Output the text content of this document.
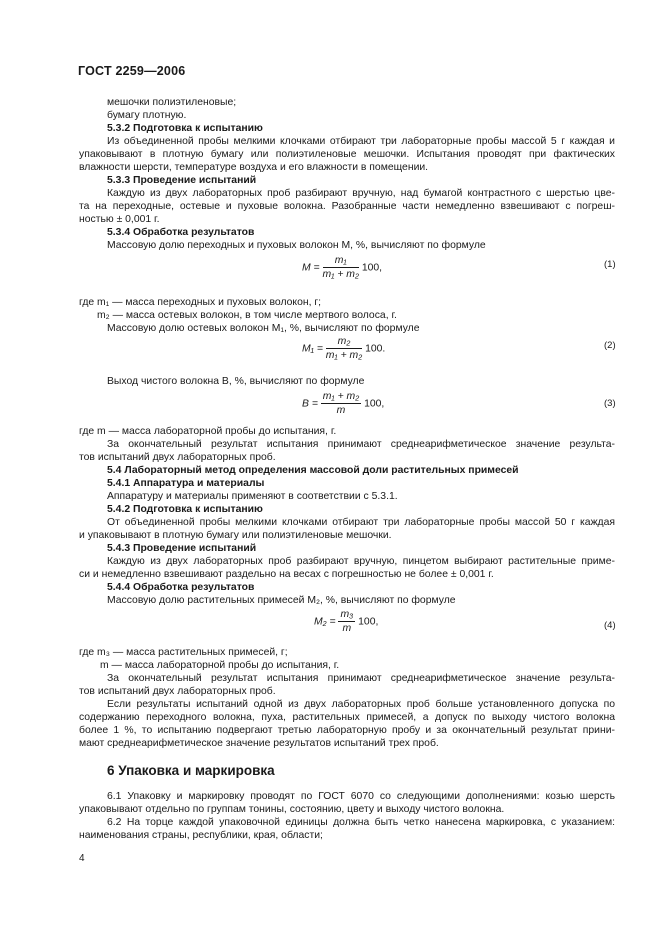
ГОСТ 2259—2006
мешочки полиэтиленовые;
бумагу плотную.
5.3.2 Подготовка к испытанию
Из объединенной пробы мелкими клочками отбирают три лабораторные пробы массой 5 г каждая и
упаковывают в плотную бумагу или полиэтиленовые мешочки. Испытания проводят при фактических
влажности шерсти, температуре воздуха и его влажности в помещении.
5.3.3 Проведение испытаний
Каждую из двух лабораторных проб разбирают вручную, над бумагой контрастного с шерстью цве-
та на переходные, остевые и пуховые волокна. Разобранные части немедленно взвешивают с погреш-
ностью ± 0,001 г.
5.3.4 Обработка результатов
Массовую долю переходных и пуховых волокон М, %, вычисляют по формуле
$M = \frac{\text{m₁}}{\text{m₁ + m₂}} 100$,	(1)
где m₁ — масса переходных и пуховых волокон, г;
m₂ — масса остевых волокон, в том числе мертвого волоса, г.
Массовую долю остевых волокон М₁, %, вычисляют по формуле
$M_1 = \frac{\text{m₂}}{\text{m₁ + m₂}} 100$.	(2)
Выход чистого волокна В, %, вычисляют по формуле
$B = \frac{\text{m₁ + m₂}}{m} 100$,	(3)
где m — масса лабораторной пробы до испытания, г.
За окончательный результат испытания принимают среднеарифметическое значение результа-
тов испытаний двух лабораторных проб.
5.4 Лабораторный метод определения массовой доли растительных примесей
5.4.1 Аппаратура и материалы
Аппаратуру и материалы применяют в соответствии с 5.3.1.
5.4.2 Подготовка к испытанию
От объединенной пробы мелкими клочками отбирают три лабораторные пробы массой 50 г каждая
и упаковывают в плотную бумагу или полиэтиленовые мешочки.
5.4.3 Проведение испытаний
Каждую из двух лабораторных проб разбирают вручную, пинцетом выбирают растительные приме-
си и немедленно взвешивают раздельно на весах с погрешностью не более ± 0,001 г.
5.4.4 Обработка результатов
Массовую долю растительных примесей М₂, %, вычисляют по формуле
$M_2 = \frac{\text{m₃}}{m} 100$,	(4)
где m₃ — масса растительных примесей, г;
m — масса лабораторной пробы до испытания, г.
За окончательный результат испытания принимают среднеарифметическое значение результа-
тов испытаний двух лабораторных проб.
Если результаты испытаний одной из двух лабораторных проб больше установленного допуска по
содержанию переходного волокна, пуха, растительных примесей, а допуск по выходу чистого волокна
более 1 %, то испытанию подвергают третью лабораторную пробу и за окончательный результат прини-
мают среднеарифметическое значение результатов испытаний трех проб.
6 Упаковка и маркировка
6.1 Упаковку и маркировку проводят по ГОСТ 6070 со следующими дополнениями: козью шерсть
упаковывают отдельно по группам тонины, состоянию, цвету и выходу чистого волокна.
6.2 На торце каждой упаковочной единицы должна быть четко нанесена маркировка, с указанием:
наименования страны, республики, края, области;
4
